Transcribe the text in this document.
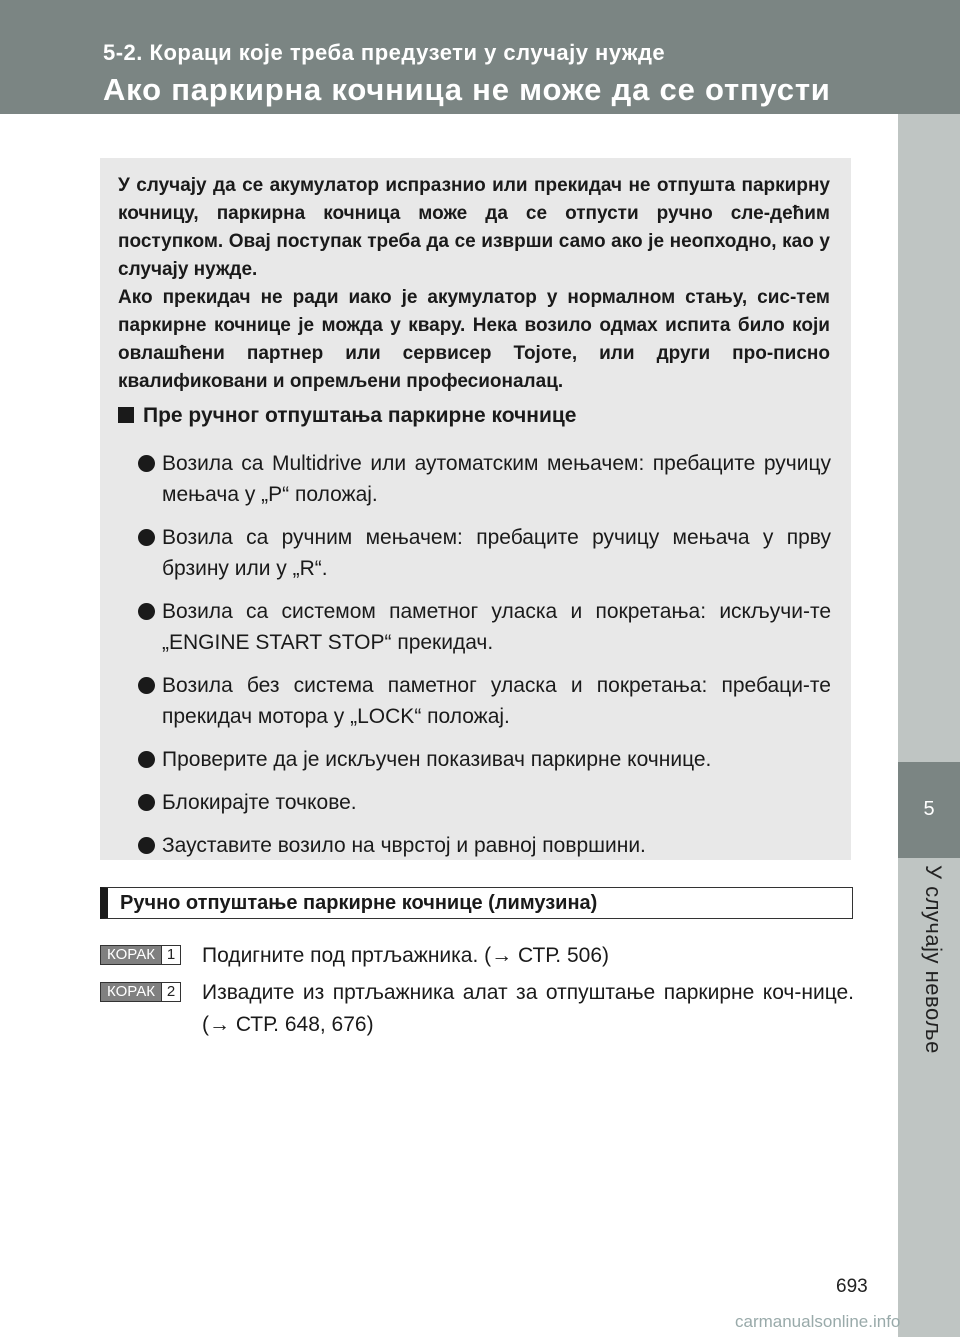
5-2. Кораци које треба предузети у случају нужде
Ако паркирна кочница не може да се отпусти
5
У случају невоље

У случају да се акумулатор испразнио или прекидач не отпушта паркирну кочницу, паркирна кочница може да се отпусти ручно сле-дећим поступком. Овај поступак треба да се изврши само ако је неопходно, као у случају нужде.

Ако прекидач не ради иако је акумулатор у нормалном стању, сис-тем паркирне кочнице је можда у квару. Нека возило одмах испита било који овлашћени партнер или сервисер Тојоте, или други про-писно квалификовани и опремљени професионалац.

Пре ручног отпуштања паркирне кочнице
Возила са Multidrive или аутоматским мењачем: пребаците ручицу мењача у „P“ положај.
Возила са ручним мењачем: пребаците ручицу мењача у прву брзину или у „R“.
Возила са системом паметног уласка и покретања: искључи-те „ENGINE START STOP“ прекидач.
Возила без система паметног уласка и покретања: пребаци-те прекидач мотора у „LOCK“ положај.
Проверите да је искључен показивач паркирне кочнице.
Блокирајте точкове.
Зауставите возило на чврстој и равној површини.
Ручно отпуштање паркирне кочнице (лимузина)
КОРАК 1 Подигните под пртљажника. (→ СТР. 506)
КОРАК 2 Извадите из пртљажника алат за отпуштање паркирне коч-нице. (→ СТР. 648, 676)
693
carmanualsonline.info
